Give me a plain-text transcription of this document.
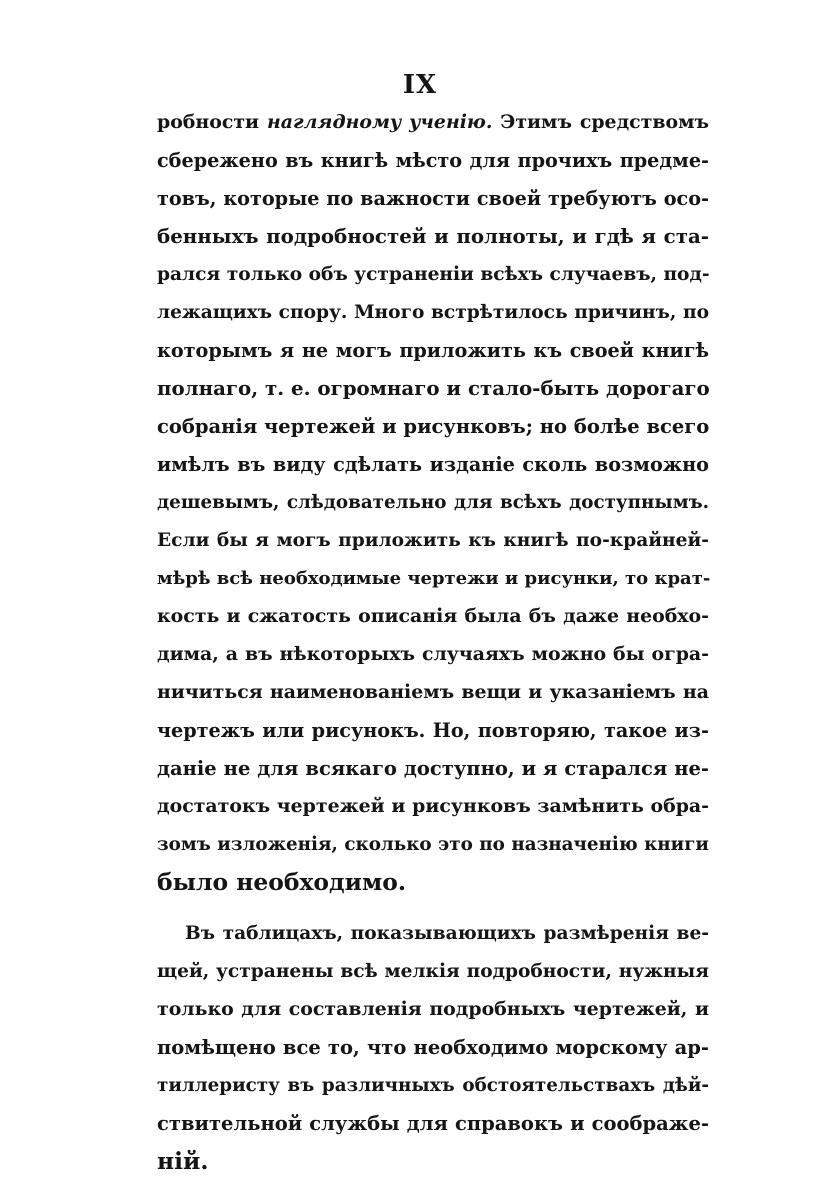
IX
робности наглядному ученію. Этимъ средствомъ
сбережено въ книгѣ мѣсто для прочихъ предме-
товъ, которые по важности своей требуютъ осо-
бенныхъ подробностей и полноты, и гдѣ я ста-
рался только объ устраненіи всѣхъ случаевъ, под-
лежащихъ спору. Много встрѣтилось причинъ, по
которымъ я не могъ приложить къ своей книгѣ
полнаго, т. е. огромнаго и стало-быть дорогаго
собранія чертежей и рисунковъ; но болѣе всего
имѣлъ въ виду сдѣлать изданіе сколь возможно
дешевымъ, слѣдовательно для всѣхъ доступнымъ.
Если бы я могъ приложить къ книгѣ по-крайней-
мѣрѣ всѣ необходимые чертежи и рисунки, то крат-
кость и сжатость описанія была бъ даже необхо-
дима, а въ нѣкоторыхъ случаяхъ можно бы огра-
ничиться наименованіемъ вещи и указаніемъ на
чертежъ или рисунокъ. Но, повторяю, такое из-
даніе не для всякаго доступно, и я старался не-
достатокъ чертежей и рисунковъ замѣнить обра-
зомъ изложенія, сколько это по назначенію книги
было необходимо.
Въ таблицахъ, показывающихъ размѣренія ве-
щей, устранены всѣ мелкія подробности, нужныя
только для составленія подробныхъ чертежей, и
помѣщено все то, что необходимо морскому ар-
тиллеристу въ различныхъ обстоятельствахъ дѣй-
ствительной службы для справокъ и соображе-
ній.
